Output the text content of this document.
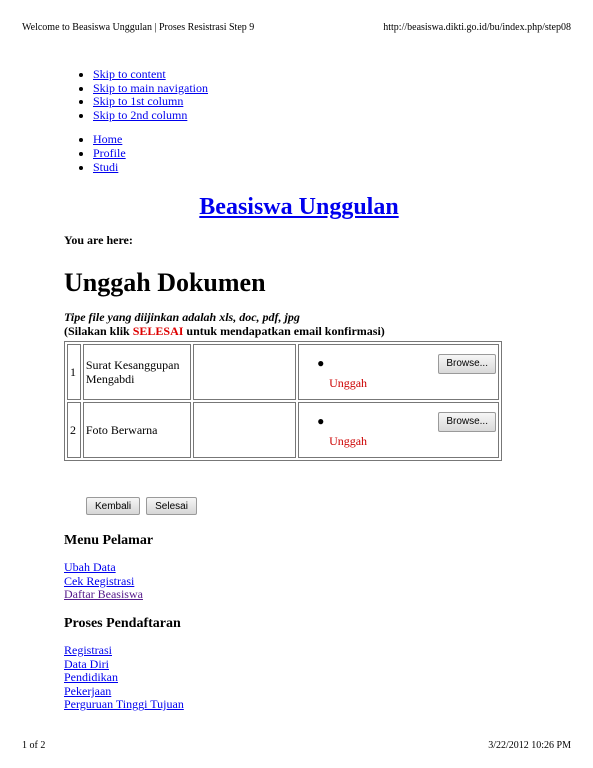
Welcome to Beasiswa Unggulan | Proses Resistrasi Step 9	http://beasiswa.dikti.go.id/bu/index.php/step08
• Skip to content
• Skip to main navigation
• Skip to 1st column
• Skip to 2nd column
• Home
• Profile
• Studi
Beasiswa Unggulan
You are here:
Unggah Dokumen
Tipe file yang diijinkan adalah xls, doc, pdf, jpg
(Silakan klik SELESAI untuk mendapatkan email konfirmasi)
1	Surat Kesanggupan Mengabdi		● Browse...
Unggah

2	Foto Berwarna		● Browse...
Unggah
Kembali	Selesai
Menu Pelamar
Ubah Data
Cek Registrasi
Daftar Beasiswa
Proses Pendaftaran
Registrasi
Data Diri
Pendidikan
Pekerjaan
Perguruan Tinggi Tujuan
1 of 2	3/22/2012 10:26 PM
